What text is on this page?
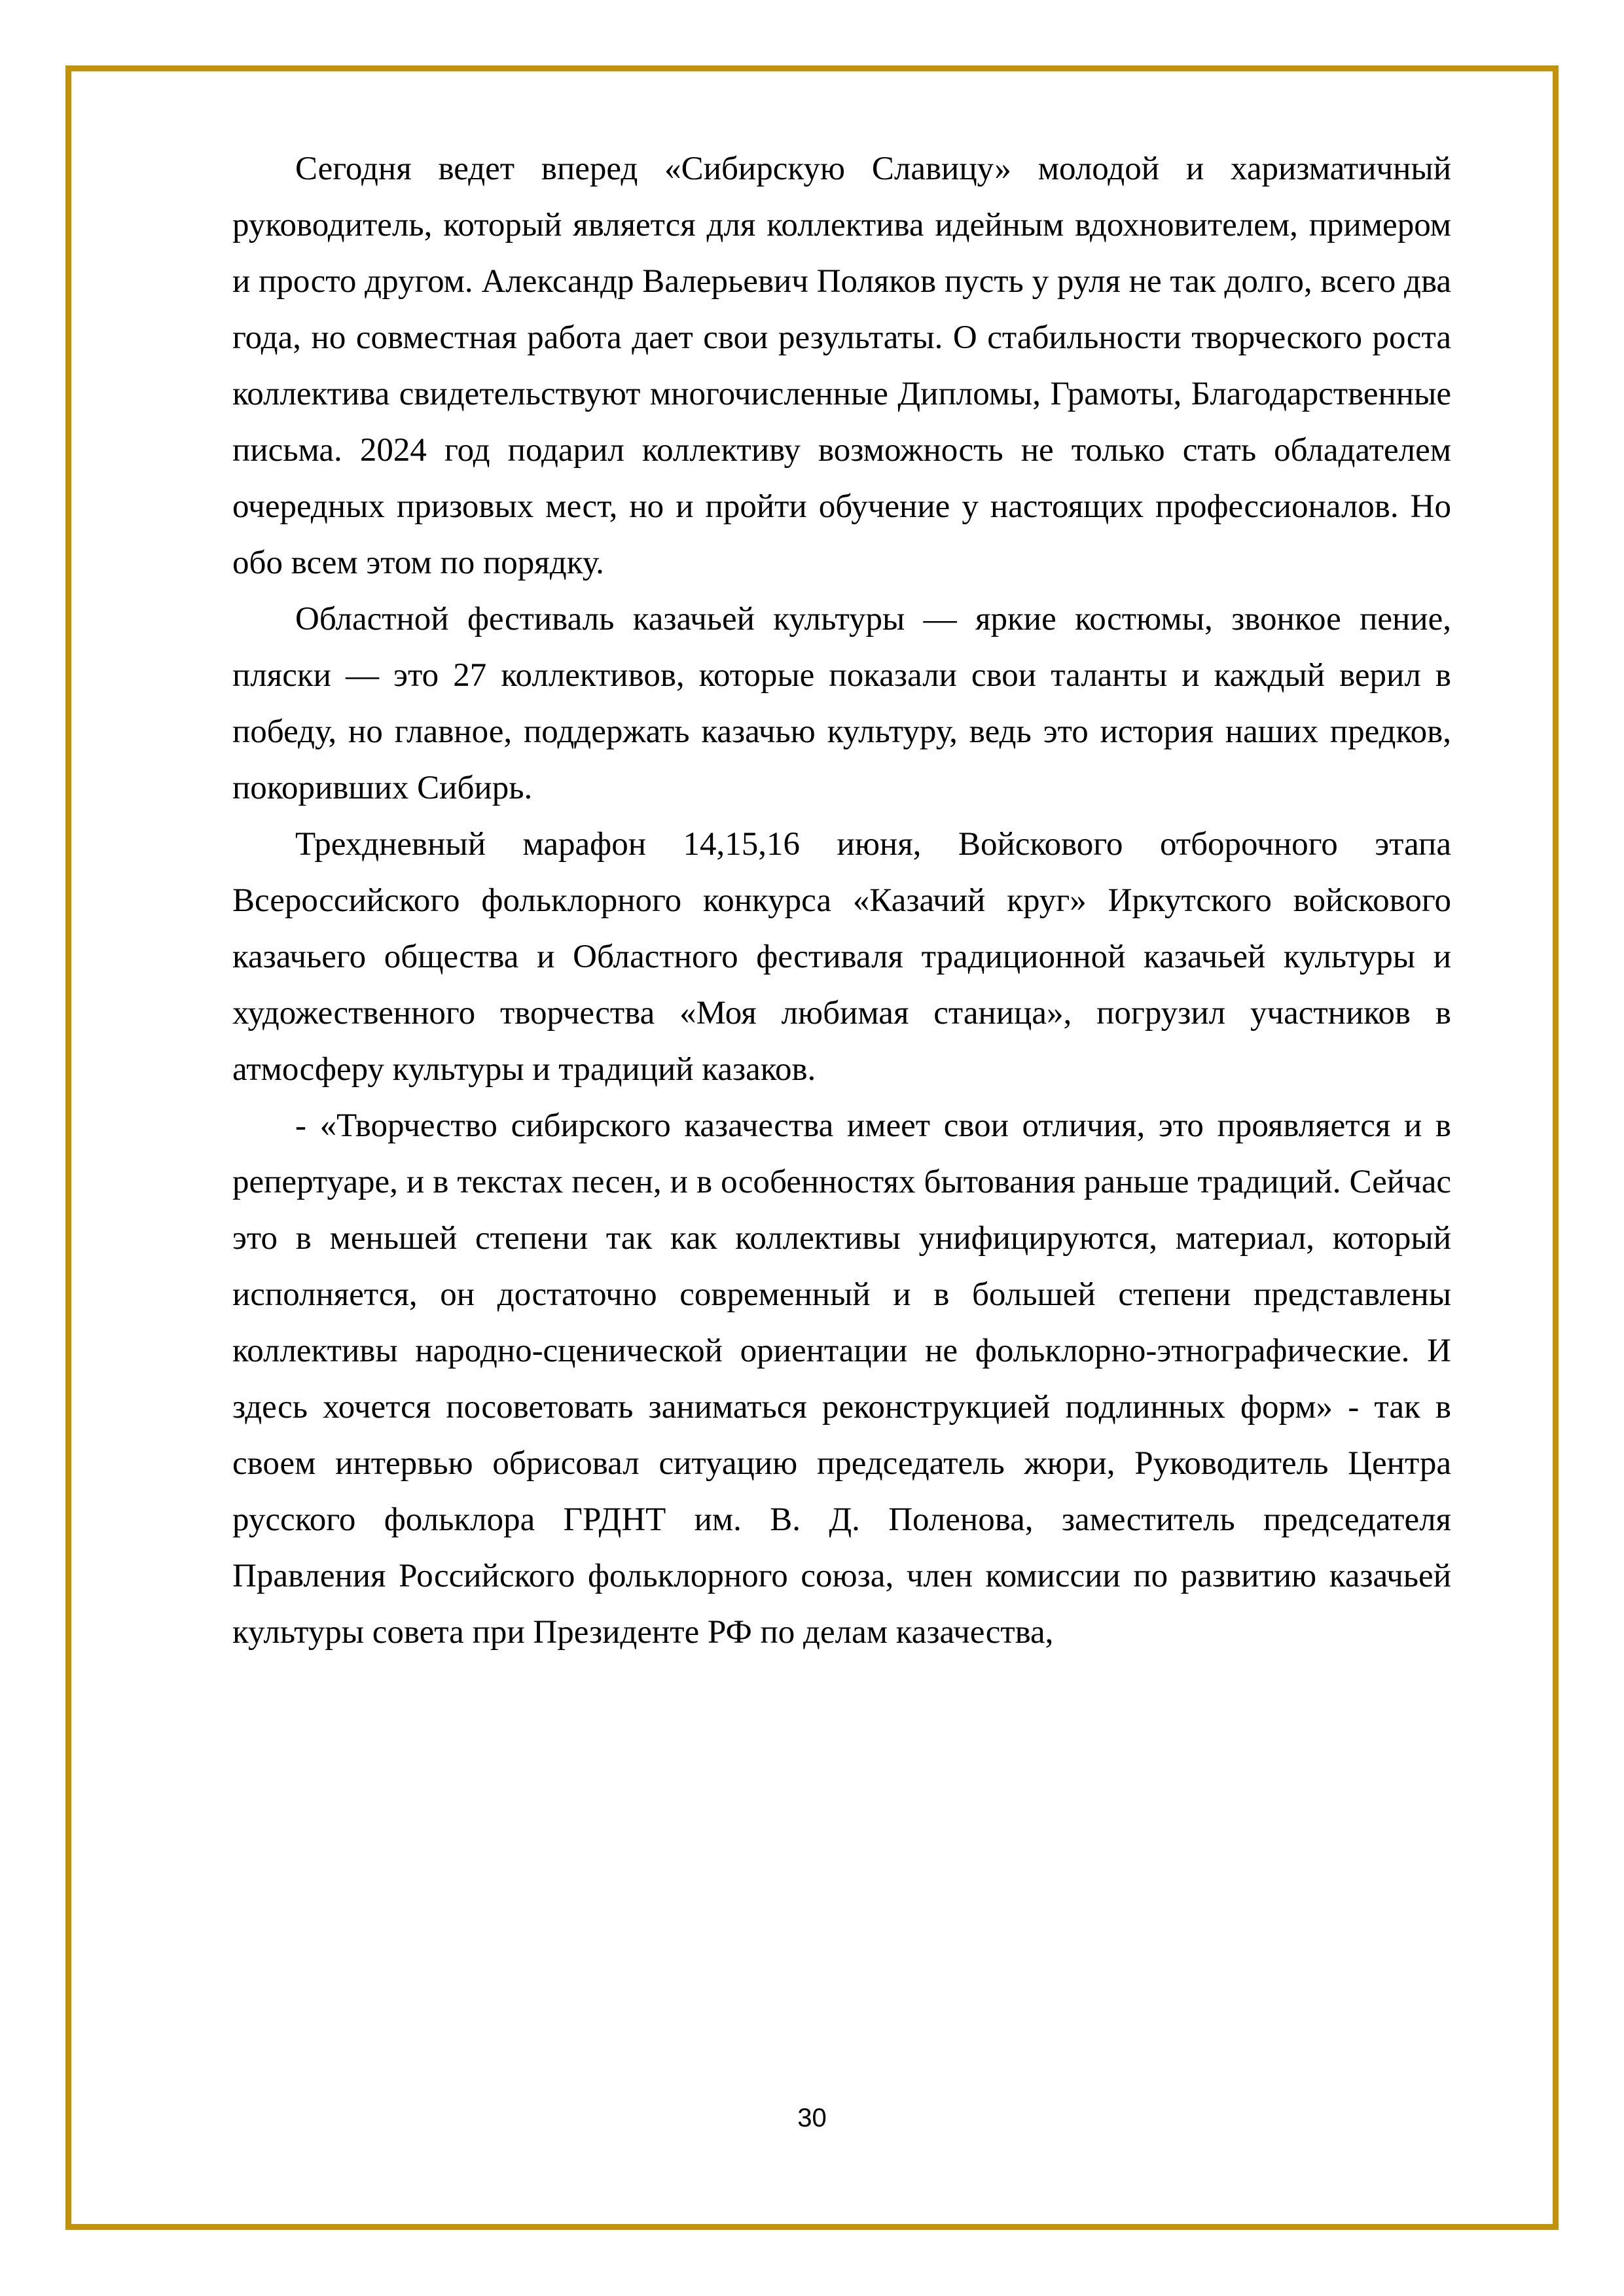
Сегодня ведет вперед «Сибирскую Славицу» молодой и харизматичный руководитель, который является для коллектива идейным вдохновителем, примером и просто другом. Александр Валерьевич Поляков пусть у руля не так долго, всего два года, но совместная работа дает свои результаты. О стабильности творческого роста коллектива свидетельствуют многочисленные Дипломы, Грамоты, Благодарственные письма. 2024 год подарил коллективу возможность не только стать обладателем очередных призовых мест, но и пройти обучение у настоящих профессионалов. Но обо всем этом по порядку.

Областной фестиваль казачьей культуры — яркие костюмы, звонкое пение, пляски — это 27 коллективов, которые показали свои таланты и каждый верил в победу, но главное, поддержать казачью культуру, ведь это история наших предков, покоривших Сибирь.

Трехдневный марафон 14,15,16 июня, Войскового отборочного этапа Всероссийского фольклорного конкурса «Казачий круг» Иркутского войскового казачьего общества и Областного фестиваля традиционной казачьей культуры и художественного творчества «Моя любимая станица», погрузил участников в атмосферу культуры и традиций казаков.

- «Творчество сибирского казачества имеет свои отличия, это проявляется и в репертуаре, и в текстах песен, и в особенностях бытования раньше традиций. Сейчас это в меньшей степени так как коллективы унифицируются, материал, который исполняется, он достаточно современный и в большей степени представлены коллективы народно-сценической ориентации не фольклорно-этнографические. И здесь хочется посоветовать заниматься реконструкцией подлинных форм» - так в своем интервью обрисовал ситуацию председатель жюри, Руководитель Центра русского фольклора ГРДНТ им. В. Д. Поленова, заместитель председателя Правления Российского фольклорного союза, член комиссии по развитию казачьей культуры совета при Президенте РФ по делам казачества,

30
